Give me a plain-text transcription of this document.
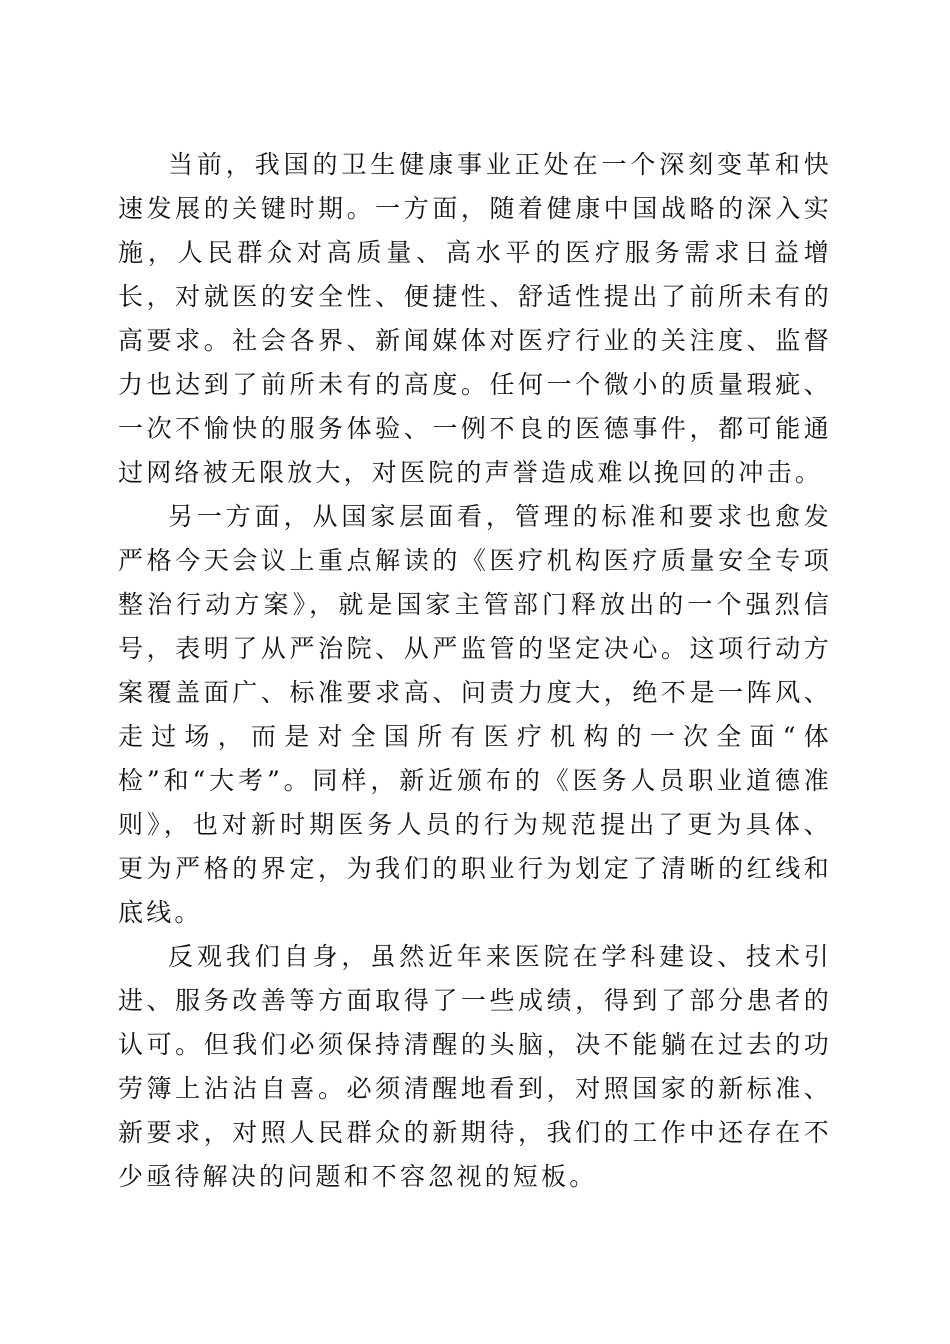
当前，我国的卫生健康事业正处在一个深刻变革和快速发展的关键时期。一方面，随着健康中国战略的深入实施，人民群众对高质量、高水平的医疗服务需求日益增长，对就医的安全性、便捷性、舒适性提出了前所未有的高要求。社会各界、新闻媒体对医疗行业的关注度、监督力也达到了前所未有的高度。任何一个微小的质量瑕疵、一次不愉快的服务体验、一例不良的医德事件，都可能通过网络被无限放大，对医院的声誉造成难以挽回的冲击。

另一方面，从国家层面看，管理的标准和要求也愈发严格今天会议上重点解读的《医疗机构医疗质量安全专项整治行动方案》，就是国家主管部门释放出的一个强烈信号，表明了从严治院、从严监管的坚定决心。这项行动方案覆盖面广、标准要求高、问责力度大，绝不是一阵风、走过场，而是对全国所有医疗机构的一次全面“体检”和“大考”。同样，新近颁布的《医务人员职业道德准则》，也对新时期医务人员的行为规范提出了更为具体、更为严格的界定，为我们的职业行为划定了清晰的红线和底线。

反观我们自身，虽然近年来医院在学科建设、技术引进、服务改善等方面取得了一些成绩，得到了部分患者的认可。但我们必须保持清醒的头脑，决不能躺在过去的功劳簿上沾沾自喜。必须清醒地看到，对照国家的新标准、新要求，对照人民群众的新期待，我们的工作中还存在不少亟待解决的问题和不容忽视的短板。
